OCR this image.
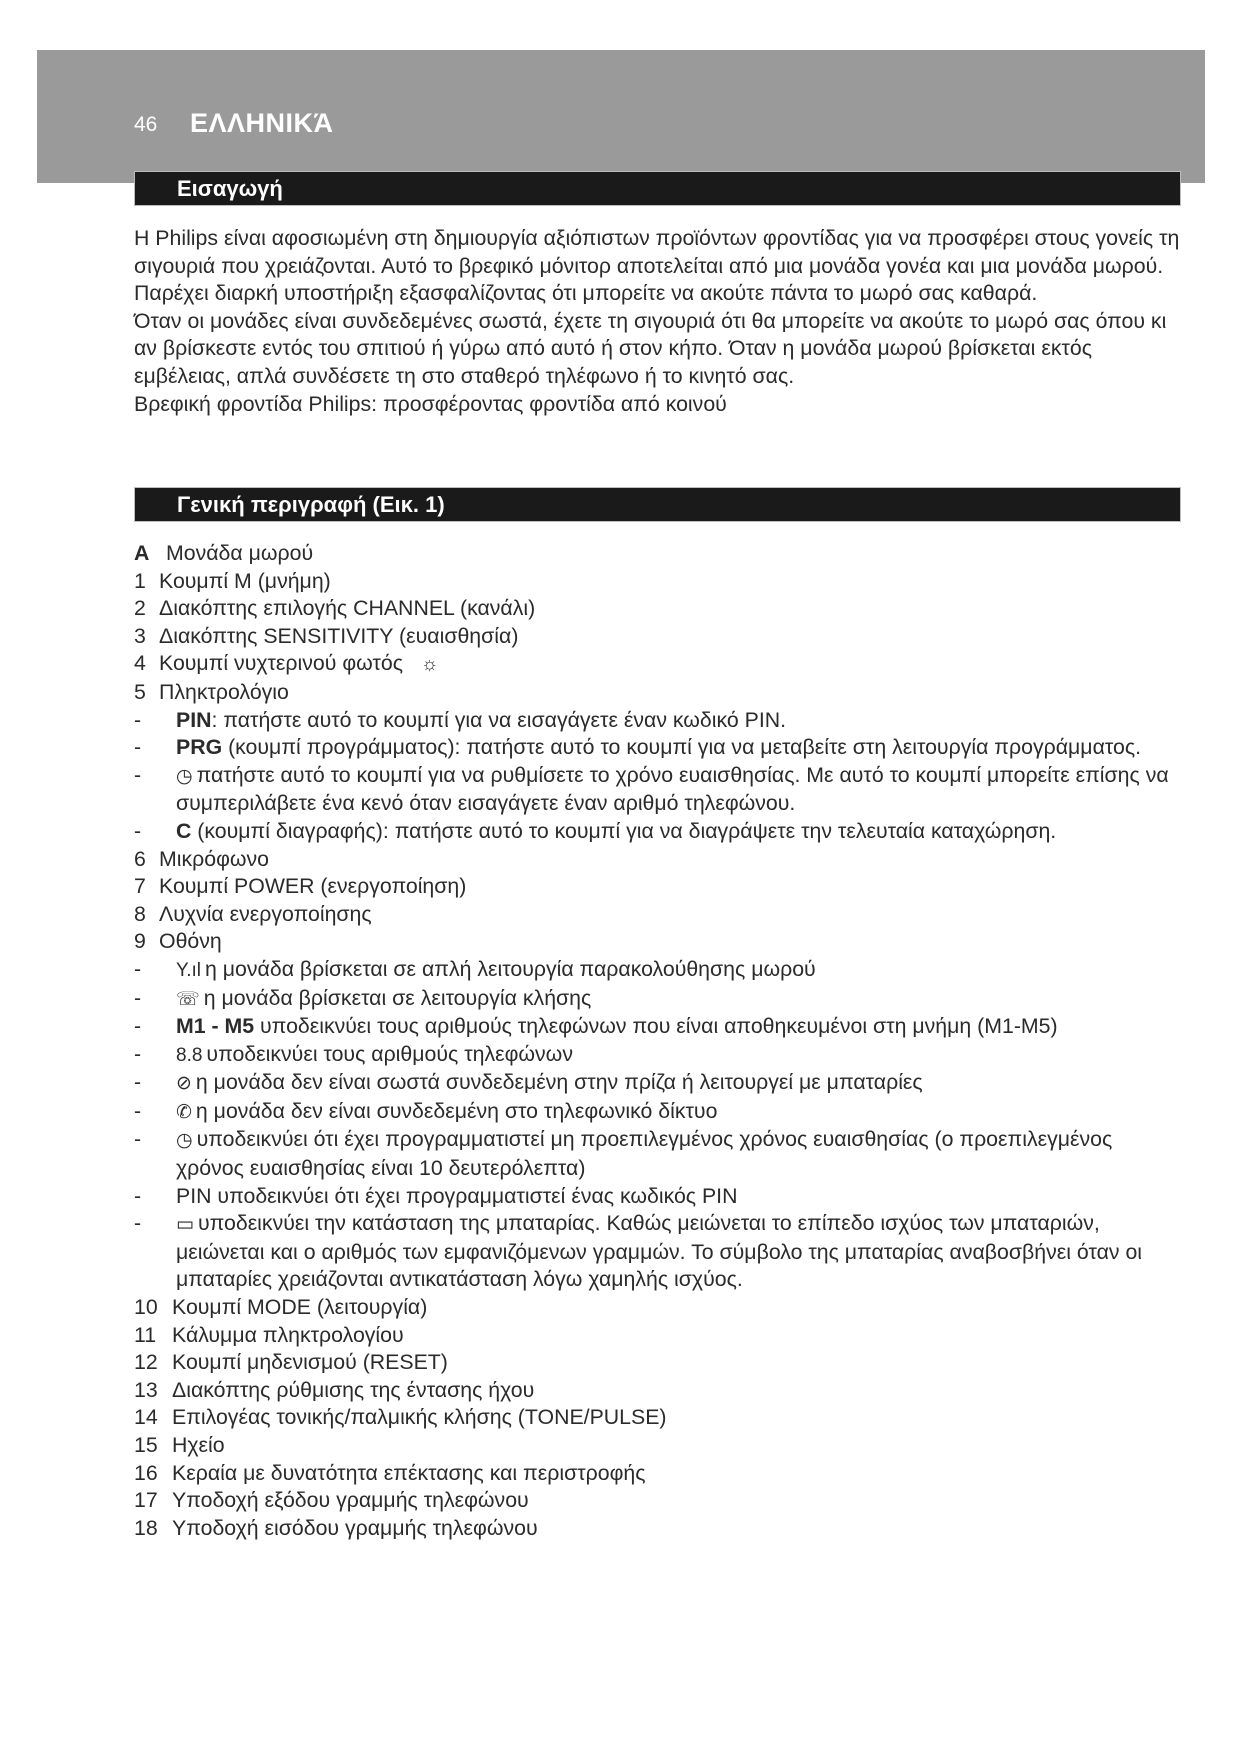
46 ΕΛΛΗΝΙΚΆ
Εισαγωγή

Η Philips είναι αφοσιωμένη στη δημιουργία αξιόπιστων προϊόντων φροντίδας για να προσφέρει στους γονείς τη σιγουριά που χρειάζονται. Αυτό το βρεφικό μόνιτορ αποτελείται από μια μονάδα γονέα και μια μονάδα μωρού. Παρέχει διαρκή υποστήριξη εξασφαλίζοντας ότι μπορείτε να ακούτε πάντα το μωρό σας καθαρά.

Όταν οι μονάδες είναι συνδεδεμένες σωστά, έχετε τη σιγουριά ότι θα μπορείτε να ακούτε το μωρό σας όπου κι αν βρίσκεστε εντός του σπιτιού ή γύρω από αυτό ή στον κήπο. Όταν η μονάδα μωρού βρίσκεται εκτός εμβέλειας, απλά συνδέσετε τη στο σταθερό τηλέφωνο ή το κινητό σας.

Βρεφική φροντίδα Philips: προσφέροντας φροντίδα από κοινού

Γενική περιγραφή (Εικ. 1)
A Μονάδα μωρού
1 Κουμπί M (μνήμη)
2 Διακόπτης επιλογής CHANNEL (κανάλι)
3 Διακόπτης SENSITIVITY (ευαισθησία)
4 Κουμπί νυχτερινού φωτός ☼
5 Πληκτρολόγιο
-	PIN: πατήστε αυτό το κουμπί για να εισαγάγετε έναν κωδικό PIN.
-	PRG (κουμπί προγράμματος): πατήστε αυτό το κουμπί για να μεταβείτε στη λειτουργία προγράμματος.
-	◷ πατήστε αυτό το κουμπί για να ρυθμίσετε το χρόνο ευαισθησίας. Με αυτό το κουμπί μπορείτε επίσης να συμπεριλάβετε ένα κενό όταν εισαγάγετε έναν αριθμό τηλεφώνου.
-	C (κουμπί διαγραφής): πατήστε αυτό το κουμπί για να διαγράψετε την τελευταία καταχώρηση.
6 Μικρόφωνο
7 Κουμπί POWER (ενεργοποίηση)
8 Λυχνία ενεργοποίησης
9 Οθόνη
-	Y.ıl η μονάδα βρίσκεται σε απλή λειτουργία παρακολούθησης μωρού
-	☏ η μονάδα βρίσκεται σε λειτουργία κλήσης
-	M1 - M5 υποδεικνύει τους αριθμούς τηλεφώνων που είναι αποθηκευμένοι στη μνήμη (M1-M5)
-	8.8 υποδεικνύει τους αριθμούς τηλεφώνων
-	⊘ η μονάδα δεν είναι σωστά συνδεδεμένη στην πρίζα ή λειτουργεί με μπαταρίες
-	✆ η μονάδα δεν είναι συνδεδεμένη στο τηλεφωνικό δίκτυο
-	◷ υποδεικνύει ότι έχει προγραμματιστεί μη προεπιλεγμένος χρόνος ευαισθησίας (ο προεπιλεγμένος χρόνος ευαισθησίας είναι 10 δευτερόλεπτα)
-	PIN υποδεικνύει ότι έχει προγραμματιστεί ένας κωδικός PIN
-	▭ υποδεικνύει την κατάσταση της μπαταρίας. Καθώς μειώνεται το επίπεδο ισχύος των μπαταριών, μειώνεται και ο αριθμός των εμφανιζόμενων γραμμών. Το σύμβολο της μπαταρίας αναβοσβήνει όταν οι μπαταρίες χρειάζονται αντικατάσταση λόγω χαμηλής ισχύος.
10 Κουμπί MODE (λειτουργία)
11 Κάλυμμα πληκτρολογίου
12 Κουμπί μηδενισμού (RESET)
13 Διακόπτης ρύθμισης της έντασης ήχου
14 Επιλογέας τονικής/παλμικής κλήσης (TONE/PULSE)
15 Ηχείο
16 Κεραία με δυνατότητα επέκτασης και περιστροφής
17 Υποδοχή εξόδου γραμμής τηλεφώνου
18 Υποδοχή εισόδου γραμμής τηλεφώνου
